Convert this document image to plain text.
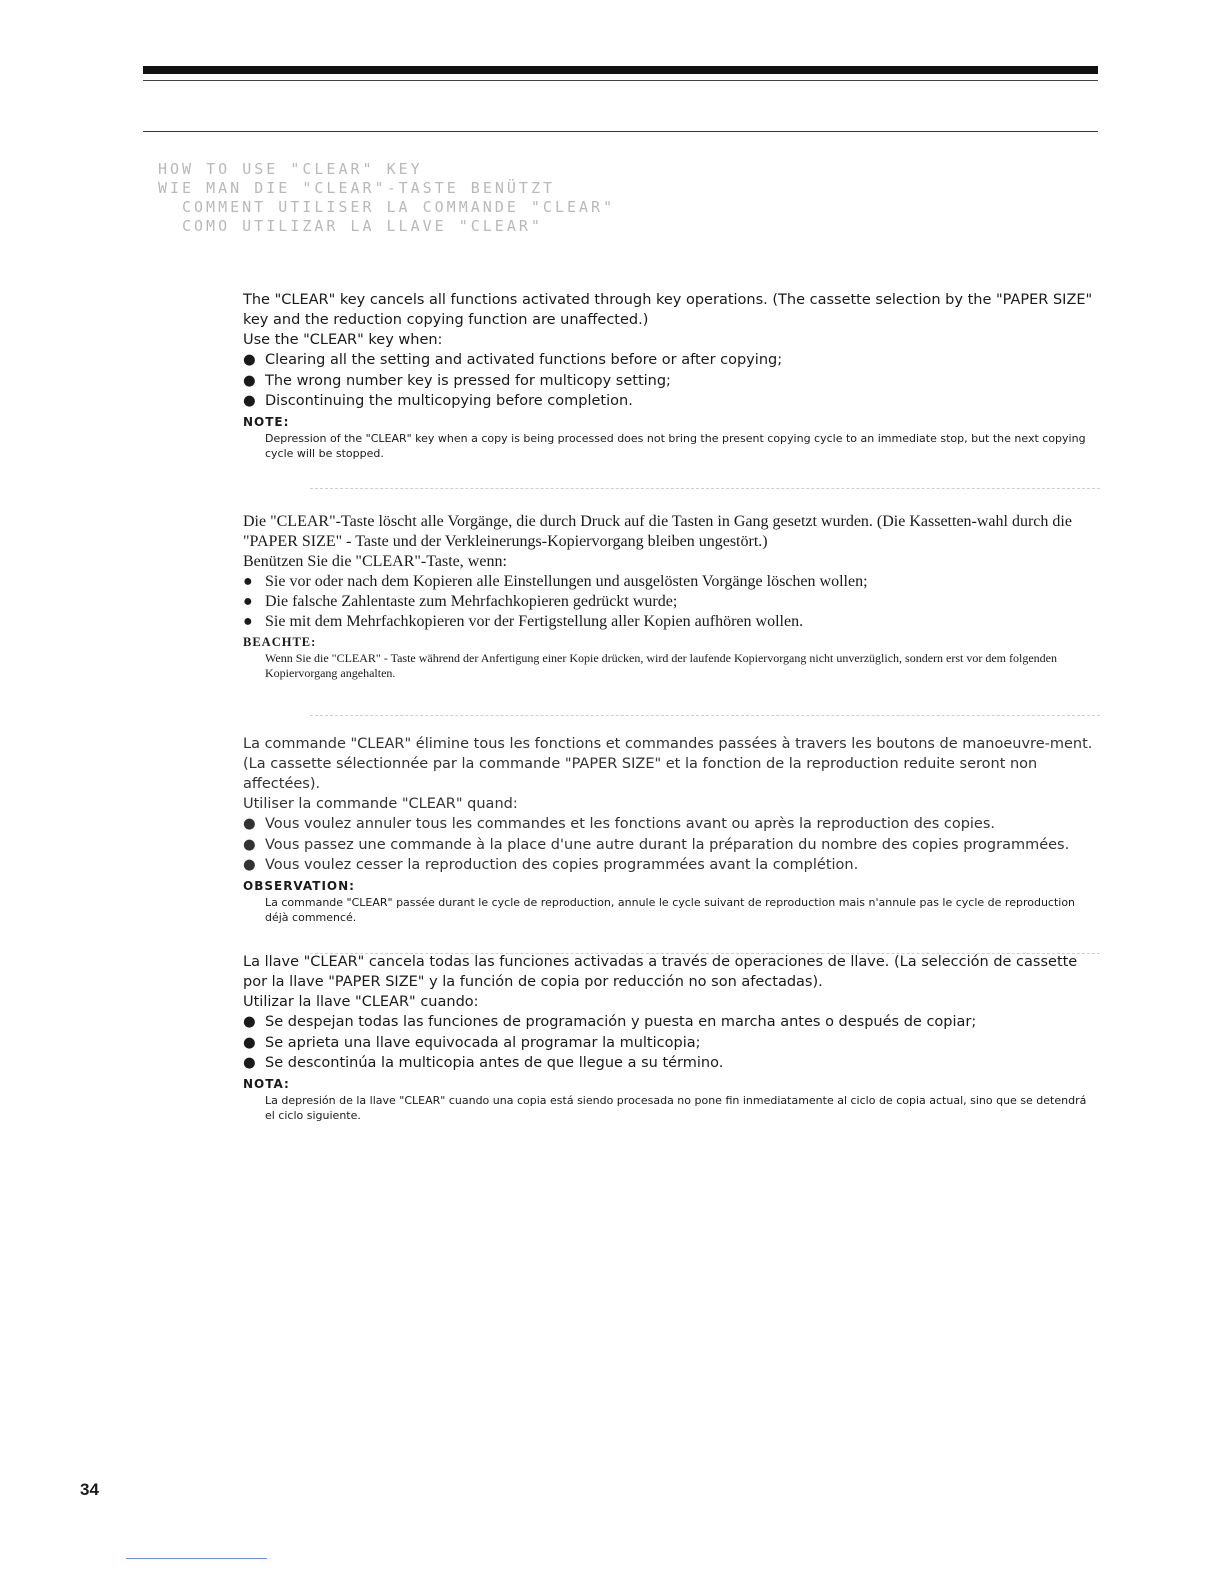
HOW TO USE "CLEAR" KEY
WIE MAN DIE "CLEAR"-TASTE BENÜTZT
COMMENT UTILISER LA COMMANDE "CLEAR"
COMO UTILIZAR LA LLAVE "CLEAR"

The "CLEAR" key cancels all functions activated through key operations. (The cassette selection by the "PAPER SIZE" key and the reduction copying function are unaffected.)

Use the "CLEAR" key when:

● Clearing all the setting and activated functions before or after copying;
● The wrong number key is pressed for multicopy setting;
● Discontinuing the multicopying before completion.
NOTE:

Depression of the "CLEAR" key when a copy is being processed does not bring the present copying cycle to an immediate stop, but the next copying cycle will be stopped.

Die "CLEAR"-Taste löscht alle Vorgänge, die durch Druck auf die Tasten in Gang gesetzt wurden. (Die Kassetten-wahl durch die "PAPER SIZE" - Taste und der Verkleinerungs-Kopiervorgang bleiben ungestört.)

Benützen Sie die "CLEAR"-Taste, wenn:

● Sie vor oder nach dem Kopieren alle Einstellungen und ausgelösten Vorgänge löschen wollen;
● Die falsche Zahlentaste zum Mehrfachkopieren gedrückt wurde;
● Sie mit dem Mehrfachkopieren vor der Fertigstellung aller Kopien aufhören wollen.
BEACHTE:

Wenn Sie die "CLEAR" - Taste während der Anfertigung einer Kopie drücken, wird der laufende Kopiervorgang nicht unverzüglich, sondern erst vor dem folgenden Kopiervorgang angehalten.

La commande "CLEAR" élimine tous les fonctions et commandes passées à travers les boutons de manoeuvre-ment. (La cassette sélectionnée par la commande "PAPER SIZE" et la fonction de la reproduction reduite seront non affectées).

Utiliser la commande "CLEAR" quand:

● Vous voulez annuler tous les commandes et les fonctions avant ou après la reproduction des copies.
● Vous passez une commande à la place d'une autre durant la préparation du nombre des copies programmées.
● Vous voulez cesser la reproduction des copies programmées avant la complétion.
OBSERVATION:

La commande "CLEAR" passée durant le cycle de reproduction, annule le cycle suivant de reproduction mais n'annule pas le cycle de reproduction déjà commencé.

La llave "CLEAR" cancela todas las funciones activadas a través de operaciones de llave. (La selección de cassette por la llave "PAPER SIZE" y la función de copia por reducción no son afectadas).

Utilizar la llave "CLEAR" cuando:

● Se despejan todas las funciones de programación y puesta en marcha antes o después de copiar;
● Se aprieta una llave equivocada al programar la multicopia;
● Se descontinúa la multicopia antes de que llegue a su término.
NOTA:

La depresión de la llave "CLEAR" cuando una copia está siendo procesada no pone fin inmediatamente al ciclo de copia actual, sino que se detendrá el ciclo siguiente.

34
